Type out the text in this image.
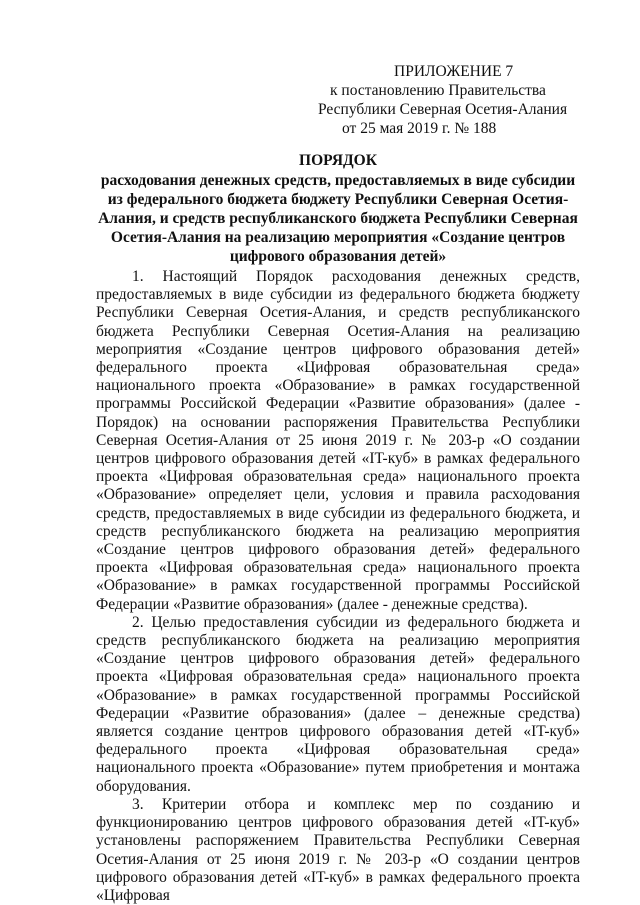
ПРИЛОЖЕНИЕ 7
к постановлению Правительства
Республики Северная Осетия-Алания
от 25 мая 2019 г. № 188
ПОРЯДОК
расходования денежных средств, предоставляемых в виде субсидии из федерального бюджета бюджету Республики Северная Осетия-Алания, и средств республиканского бюджета Республики Северная Осетия-Алания на реализацию мероприятия «Создание центров цифрового образования детей»

1. Настоящий Порядок расходования денежных средств, предоставляемых в виде субсидии из федерального бюджета бюджету Республики Северная Осетия-Алания, и средств республиканского бюджета Республики Северная Осетия-Алания на реализацию мероприятия «Создание центров цифрового образования детей» федерального проекта «Цифровая образовательная среда» национального проекта «Образование» в рамках государственной программы Российской Федерации «Развитие образования» (далее - Порядок) на основании распоряжения Правительства Республики Северная Осетия-Алания от 25 июня 2019 г. № 203-р «О создании центров цифрового образования детей «IT-куб» в рамках федерального проекта «Цифровая образовательная среда» национального проекта «Образование» определяет цели, условия и правила расходования средств, предоставляемых в виде субсидии из федерального бюджета, и средств республиканского бюджета на реализацию мероприятия «Создание центров цифрового образования детей» федерального проекта «Цифровая образовательная среда» национального проекта «Образование» в рамках государственной программы Российской Федерации «Развитие образования» (далее - денежные средства).

2. Целью предоставления субсидии из федерального бюджета и средств республиканского бюджета на реализацию мероприятия «Создание центров цифрового образования детей» федерального проекта «Цифровая образовательная среда» национального проекта «Образование» в рамках государственной программы Российской Федерации «Развитие образования» (далее – денежные средства) является создание центров цифрового образования детей «IT-куб» федерального проекта «Цифровая образовательная среда» национального проекта «Образование» путем приобретения и монтажа оборудования.

3. Критерии отбора и комплекс мер по созданию и функционированию центров цифрового образования детей «IT-куб» установлены распоряжением Правительства Республики Северная Осетия-Алания от 25 июня 2019 г. № 203-р «О создании центров цифрового образования детей «IT-куб» в рамках федерального проекта «Цифровая
